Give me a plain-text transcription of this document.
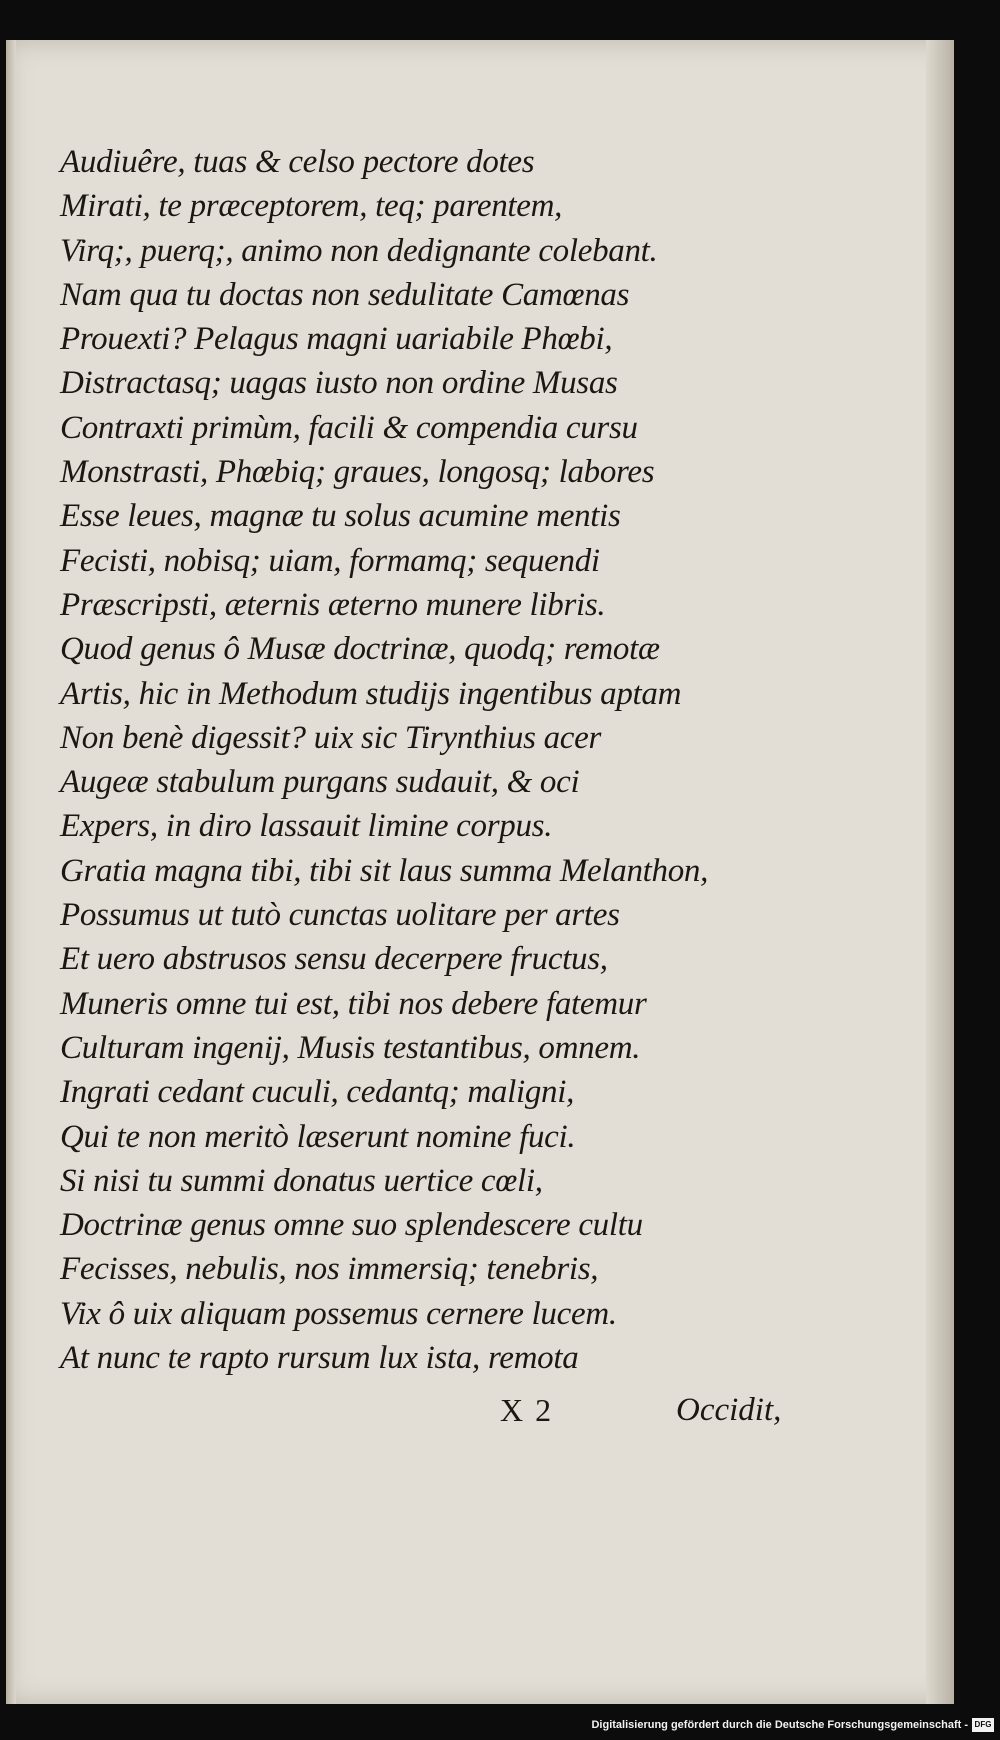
Audiuêre, tuas & celso pectore dotes
Mirati, te præceptorem, teq; parentem,
Virq;, puerq;, animo non dedignante colebant.
Nam qua tu doctas non sedulitate Camœnas
Prouexti? Pelagus magni uariabile Phœbi,
Distractasq; uagas iusto non ordine Musas
Contraxti primùm, facili & compendia cursu
Monstrasti, Phœbiq; graues, longosq; labores
Esse leues, magnæ tu solus acumine mentis
Fecisti, nobisq; uiam, formamq; sequendi
Præscripsti, æternis æterno munere libris.
Quod genus ô Musæ doctrinæ, quodq; remotæ
Artis, hic in Methodum studijs ingentibus aptam
Non benè digessit? uix sic Tirynthius acer
Augeæ stabulum purgans sudauit, & oci
Expers, in diro lassauit limine corpus.
Gratia magna tibi, tibi sit laus summa Melanthon,
Possumus ut tutò cunctas uolitare per artes
Et uero abstrusos sensu decerpere fructus,
Muneris omne tui est, tibi nos debere fatemur
Culturam ingenij, Musis testantibus, omnem.
Ingrati cedant cuculi, cedantq; maligni,
Qui te non meritò læserunt nomine fuci.
Si nisi tu summi donatus uertice cœli,
Doctrinæ genus omne suo splendescere cultu
Fecisses, nebulis, nos immersiq; tenebris,
Vix ô uix aliquam possemus cernere lucem.
At nunc te rapto rursum lux ista, remota
X 2	Occidit,
Digitalisierung gefördert durch die Deutsche Forschungsgemeinschaft - DFG
